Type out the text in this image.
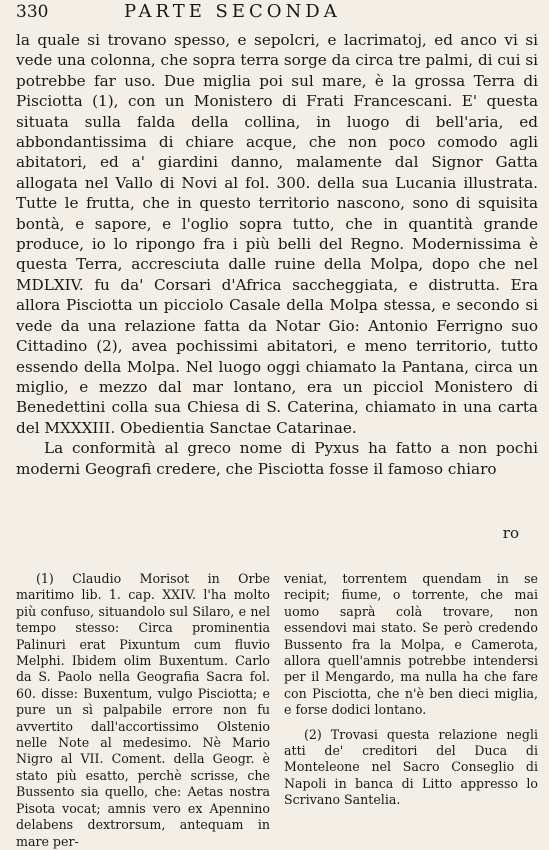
330	PARTE SECONDA

la quale si trovano spesso, e sepolcri, e lacrimatoj, ed anco vi si vede una colonna, che sopra terra sorge da circa tre palmi, di cui si potrebbe far uso. Due miglia poi sul mare, è la grossa Terra di Pisciotta (1), con un Monistero di Frati Francescani. E' questa situata sulla falda della collina, in luogo di bell'aria, ed abbondantissima di chiare acque, che non poco comodo agli abitatori, ed a' giardini danno, malamente dal Signor Gatta allogata nel Vallo di Novi al fol. 300. della sua Lucania illustrata. Tutte le frutta, che in questo territorio nascono, sono di squisita bontà, e sapore, e l'oglio sopra tutto, che in quantità grande produce, io lo ripongo fra i più belli del Regno. Modernissima è questa Terra, accresciuta dalle ruine della Molpa, dopo che nel MDLXIV. fu da' Corsari d'Africa saccheggiata, e distrutta. Era allora Pisciotta un picciolo Casale della Molpa stessa, e secondo si vede da una relazione fatta da Notar Gio: Antonio Ferrigno suo Cittadino (2), avea pochissimi abitatori, e meno territorio, tutto essendo della Molpa. Nel luogo oggi chiamato la Pantana, circa un miglio, e mezzo dal mar lontano, era un picciol Monistero di Benedettini colla sua Chiesa di S. Caterina, chiamato in una carta del MXXXIII. Obedientia Sanctae Catarinae.

La conformità al greco nome di Pyxus ha fatto a non pochi moderni Geografi credere, che Pisciotta fosse il famoso chiaro

ro

(1) Claudio Morisot in Orbe maritimo lib. 1. cap. XXIV. l'ha molto più confuso, situandolo sul Silaro, e nel tempo stesso: Circa prominentia Palinuri erat Pixuntum cum fluvio Melphi. Ibidem olim Buxentum. Carlo da S. Paolo nella Geografia Sacra fol. 60. disse: Buxentum, vulgo Pisciotta; e pure un sì palpabile errore non fu avvertito dall'accortissimo Olstenio nelle Note al medesimo. Nè Mario Nigro al VII. Coment. della Geogr. è stato più esatto, perchè scrisse, che Bussento sia quello, che: Aetas nostra Pisota vocat; amnis vero ex Apennino delabens dextrorsum, antequam in mare per-

veniat, torrentem quendam in se recipit; fiume, o torrente, che mai uomo saprà colà trovare, non essendovi mai stato. Se però credendo Bussento fra la Molpa, e Camerota, allora quell'amnis potrebbe intendersi per il Mengardo, ma nulla ha che fare con Pisciotta, che n'è ben dieci miglia, e forse dodici lontano.

(2) Trovasi questa relazione negli atti de' creditori del Duca di Monteleone nel Sacro Conseglio di Napoli in banca di Litto appresso lo Scrivano Santelia.
